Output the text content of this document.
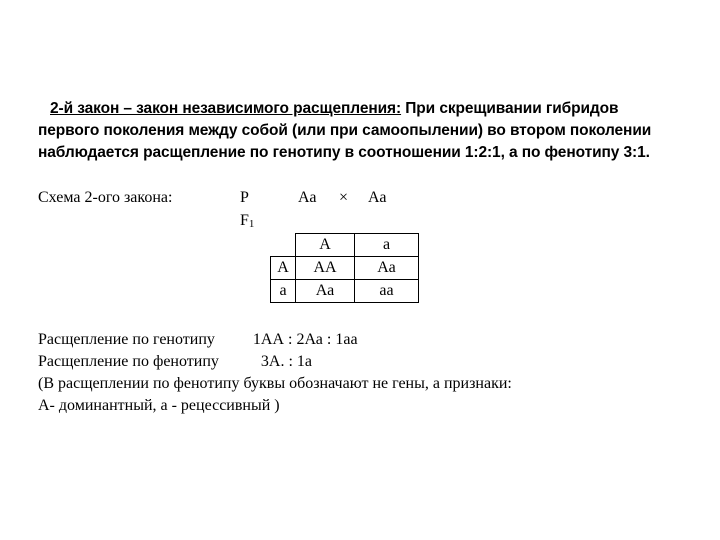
2-й закон – закон независимого расщепления: При скрещивании гибридов
первого поколения между собой (или при самоопылении) во втором поколении
наблюдается расщепление по генотипу в соотношении 1:2:1, а по фенотипу 3:1.
Схема 2-ого закона:	Р	Аа × Аа
$F_1$
	А	а
А	АА	Аа
а	Аа	аа
Расщепление по генотипу 1АА : 2Аа : 1аа
Расщепление по фенотипу	3А. : 1а
(В расщеплении по фенотипу буквы обозначают не гены, а признаки:
А- доминантный, а - рецессивный )
